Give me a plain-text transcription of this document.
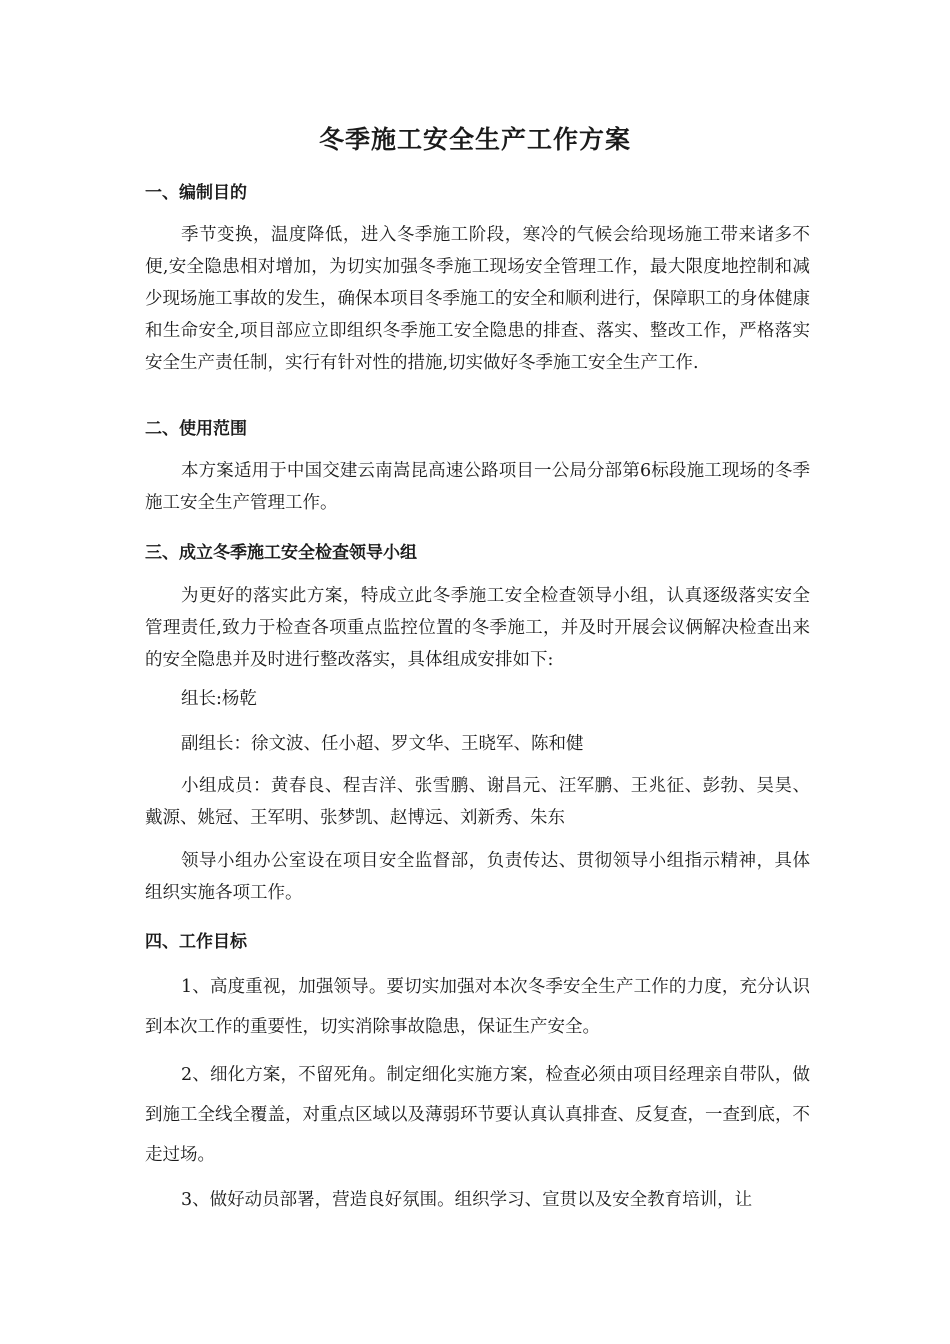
冬季施工安全生产工作方案
一、编制目的
季节变换，温度降低，进入冬季施工阶段，寒冷的气候会给现场施工带来诸多不便,安全隐患相对增加，为切实加强冬季施工现场安全管理工作，最大限度地控制和减少现场施工事故的发生，确保本项目冬季施工的安全和顺利进行，保障职工的身体健康和生命安全,项目部应立即组织冬季施工安全隐患的排查、落实、整改工作，严格落实安全生产责任制，实行有针对性的措施,切实做好冬季施工安全生产工作.
二、使用范围
本方案适用于中国交建云南嵩昆高速公路项目一公局分部第6标段施工现场的冬季施工安全生产管理工作。
三、成立冬季施工安全检查领导小组
为更好的落实此方案，特成立此冬季施工安全检查领导小组，认真逐级落实安全管理责任,致力于检查各项重点监控位置的冬季施工，并及时开展会议俩解决检查出来的安全隐患并及时进行整改落实，具体组成安排如下:
组长:杨乾
副组长：徐文波、任小超、罗文华、王晓军、陈和健
小组成员：黄春良、程吉洋、张雪鹏、谢昌元、汪军鹏、王兆征、彭勃、吴昊、戴源、姚冠、王军明、张梦凯、赵博远、刘新秀、朱东
领导小组办公室设在项目安全监督部，负责传达、贯彻领导小组指示精神，具体组织实施各项工作。
四、工作目标
1、高度重视，加强领导。要切实加强对本次冬季安全生产工作的力度，充分认识到本次工作的重要性，切实消除事故隐患，保证生产安全。
2、细化方案，不留死角。制定细化实施方案，检查必须由项目经理亲自带队，做到施工全线全覆盖，对重点区域以及薄弱环节要认真认真排查、反复查，一查到底，不走过场。
3、做好动员部署，营造良好氛围。组织学习、宣贯以及安全教育培训，让
